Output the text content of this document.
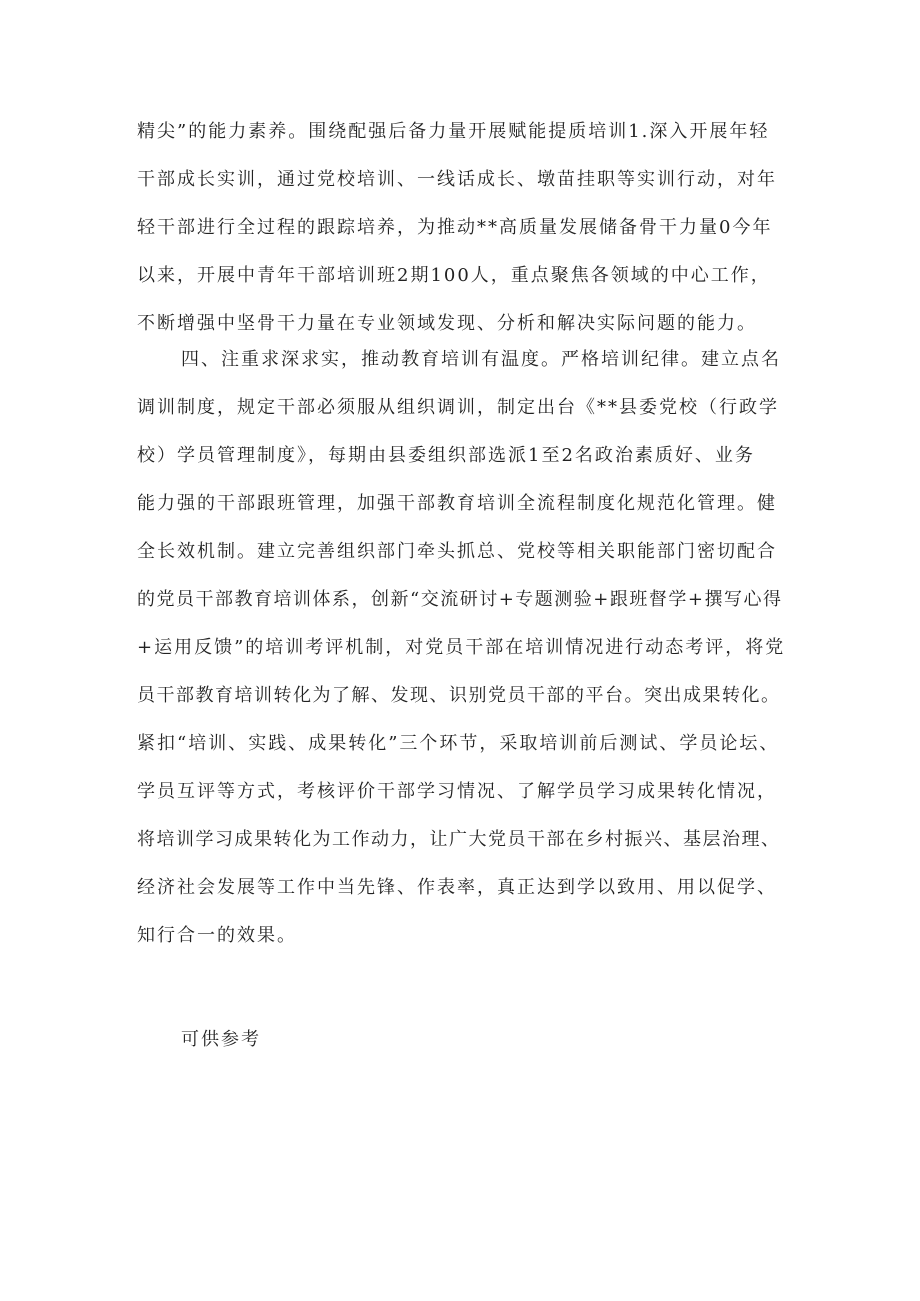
精尖”的能力素养。围绕配强后备力量开展赋能提质培训1.深入开展年轻
干部成长实训，通过党校培训、一线话成长、墩苗挂职等实训行动，对年
轻干部进行全过程的跟踪培养，为推动**高质量发展储备骨干力量0今年
以来，开展中青年干部培训班2期100人，重点聚焦各领域的中心工作，
不断增强中坚骨干力量在专业领域发现、分析和解决实际问题的能力。
四、注重求深求实，推动教育培训有温度。严格培训纪律。建立点名
调训制度，规定干部必须服从组织调训，制定出台《**县委党校（行政学
校）学员管理制度》，每期由县委组织部选派1至2名政治素质好、业务
能力强的干部跟班管理，加强干部教育培训全流程制度化规范化管理。健
全长效机制。建立完善组织部门牵头抓总、党校等相关职能部门密切配合
的党员干部教育培训体系，创新“交流研讨+专题测验+跟班督学+撰写心得
+运用反馈”的培训考评机制，对党员干部在培训情况进行动态考评，将党
员干部教育培训转化为了解、发现、识别党员干部的平台。突出成果转化。
紧扣“培训、实践、成果转化”三个环节，采取培训前后测试、学员论坛、
学员互评等方式，考核评价干部学习情况、了解学员学习成果转化情况，
将培训学习成果转化为工作动力，让广大党员干部在乡村振兴、基层治理、
经济社会发展等工作中当先锋、作表率，真正达到学以致用、用以促学、
知行合一的效果。
可供参考
